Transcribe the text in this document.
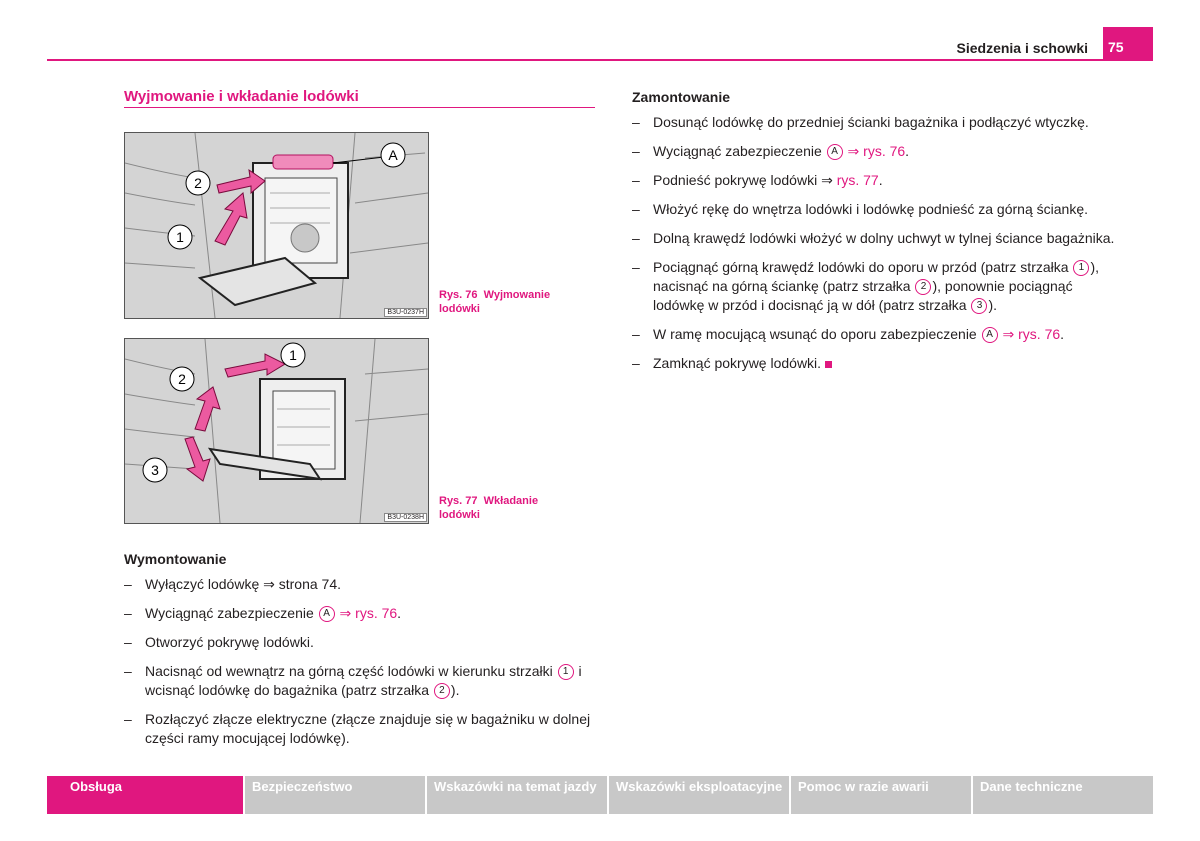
Siedzenia i schowki	75
Wyjmowanie i wkładanie lodówki
A
2
1
B3U-0237H
Rys. 76 Wyjmowanie lodówki
1
2
3
B3U-0238H
Rys. 77 Wkładanie lodówki
Wymontowanie
– Wyłączyć lodówkę ⇒ strona 74.
– Wyciągnąć zabezpieczenie A ⇒ rys. 76.
– Otworzyć pokrywę lodówki.
– Nacisnąć od wewnątrz na górną część lodówki w kierunku strzałki 1 i wcisnąć lodówkę do bagażnika (patrz strzałka 2 ).
– Rozłączyć złącze elektryczne (złącze znajduje się w bagażniku w dolnej części ramy mocującej lodówkę).
Zamontowanie
– Dosunąć lodówkę do przedniej ścianki bagażnika i podłączyć wtyczkę.
– Wyciągnąć zabezpieczenie A ⇒ rys. 76.
– Podnieść pokrywę lodówki ⇒ rys. 77.
– Włożyć rękę do wnętrza lodówki i lodówkę podnieść za górną ściankę.
– Dolną krawędź lodówki włożyć w dolny uchwyt w tylnej ściance bagażnika.
– Pociągnąć górną krawędź lodówki do oporu w przód (patrz strzałka 1 ), nacisnąć na górną ściankę (patrz strzałka 2 ), ponownie pociągnąć lodówkę w przód i docisnąć ją w dół (patrz strzałka 3 ).
– W ramę mocującą wsunąć do oporu zabezpieczenie A ⇒ rys. 76.
– Zamknąć pokrywę lodówki.
Obsługa	Bezpieczeństwo	Wskazówki na temat jazdy	Wskazówki eksploatacyjne	Pomoc w razie awarii	Dane techniczne
